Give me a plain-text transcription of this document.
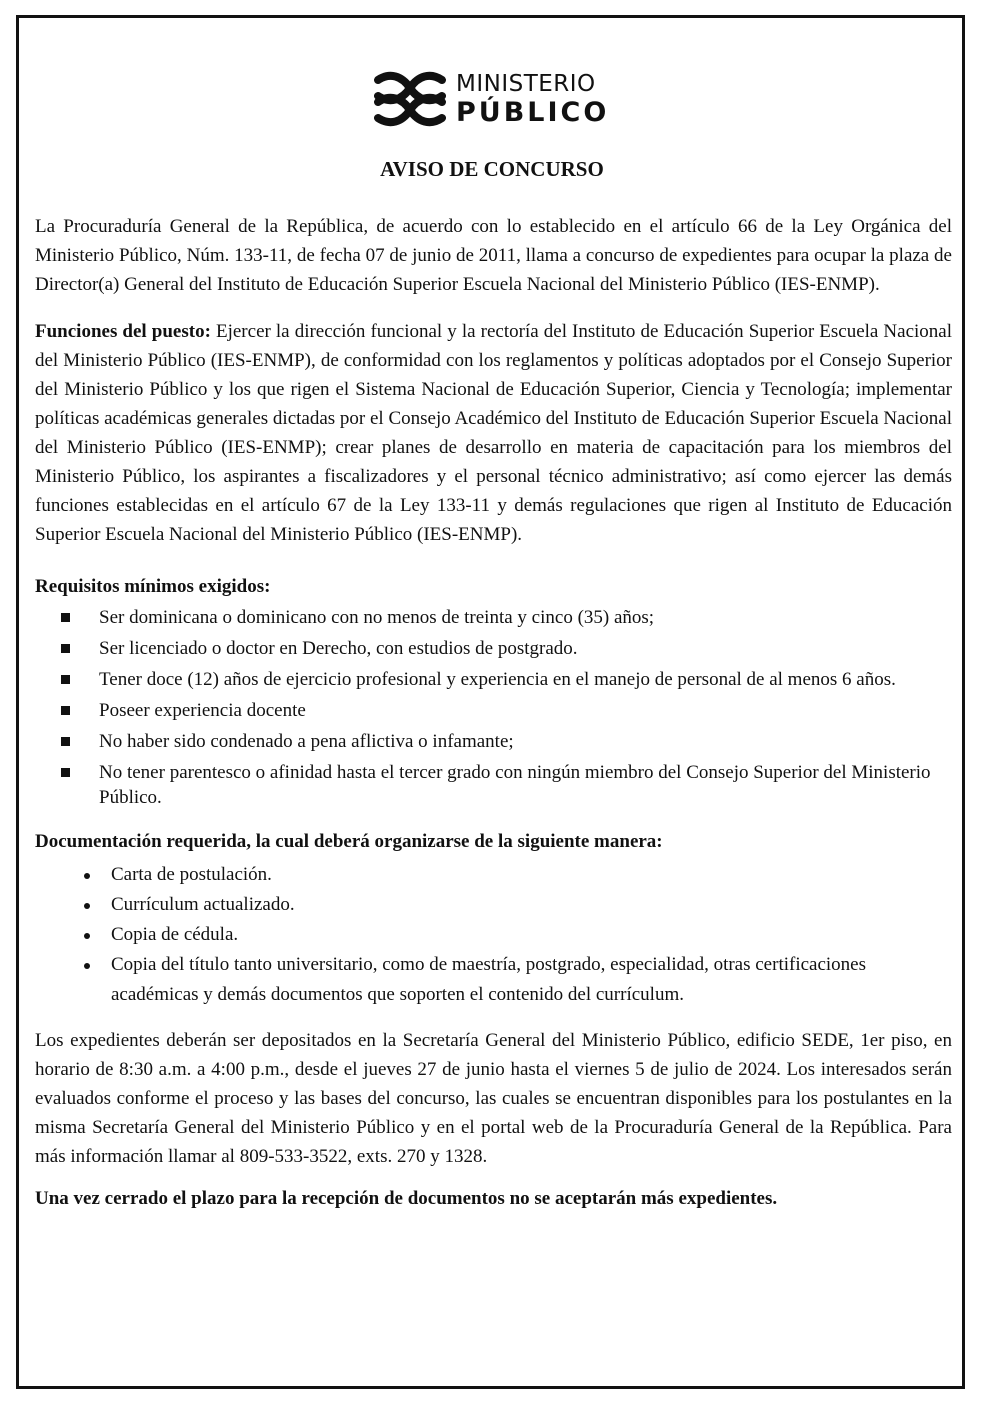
MINISTERIO
PÚBLICO
AVISO DE CONCURSO

La Procuraduría General de la República, de acuerdo con lo establecido en el artículo 66 de la Ley Orgánica del Ministerio Público, Núm. 133-11, de fecha 07 de junio de 2011, llama a concurso de expedientes para ocupar la plaza de Director(a) General del Instituto de Educación Superior Escuela Nacional del Ministerio Público (IES-ENMP).

Funciones del puesto: Ejercer la dirección funcional y la rectoría del Instituto de Educación Superior Escuela Nacional del Ministerio Público (IES-ENMP), de conformidad con los reglamentos y políticas adoptados por el Consejo Superior del Ministerio Público y los que rigen el Sistema Nacional de Educación Superior, Ciencia y Tecnología; implementar políticas académicas generales dictadas por el Consejo Académico del Instituto de Educación Superior Escuela Nacional del Ministerio Público (IES-ENMP); crear planes de desarrollo en materia de capacitación para los miembros del Ministerio Público, los aspirantes a fiscalizadores y el personal técnico administrativo; así como ejercer las demás funciones establecidas en el artículo 67 de la Ley 133-11 y demás regulaciones que rigen al Instituto de Educación Superior Escuela Nacional del Ministerio Público (IES-ENMP).

Requisitos mínimos exigidos:
Ser dominicana o dominicano con no menos de treinta y cinco (35) años;
Ser licenciado o doctor en Derecho, con estudios de postgrado.
Tener doce (12) años de ejercicio profesional y experiencia en el manejo de personal de al menos 6 años.
Poseer experiencia docente
No haber sido condenado a pena aflictiva o infamante;
No tener parentesco o afinidad hasta el tercer grado con ningún miembro del Consejo Superior del Ministerio Público.
Documentación requerida, la cual deberá organizarse de la siguiente manera:
Carta de postulación.
Currículum actualizado.
Copia de cédula.
Copia del título tanto universitario, como de maestría, postgrado, especialidad, otras certificaciones académicas y demás documentos que soporten el contenido del currículum.

Los expedientes deberán ser depositados en la Secretaría General del Ministerio Público, edificio SEDE, 1er piso, en horario de 8:30 a.m. a 4:00 p.m., desde el jueves 27 de junio hasta el viernes 5 de julio de 2024. Los interesados serán evaluados conforme el proceso y las bases del concurso, las cuales se encuentran disponibles para los postulantes en la misma Secretaría General del Ministerio Público y en el portal web de la Procuraduría General de la República. Para más información llamar al 809-533-3522, exts. 270 y 1328.

Una vez cerrado el plazo para la recepción de documentos no se aceptarán más expedientes.
